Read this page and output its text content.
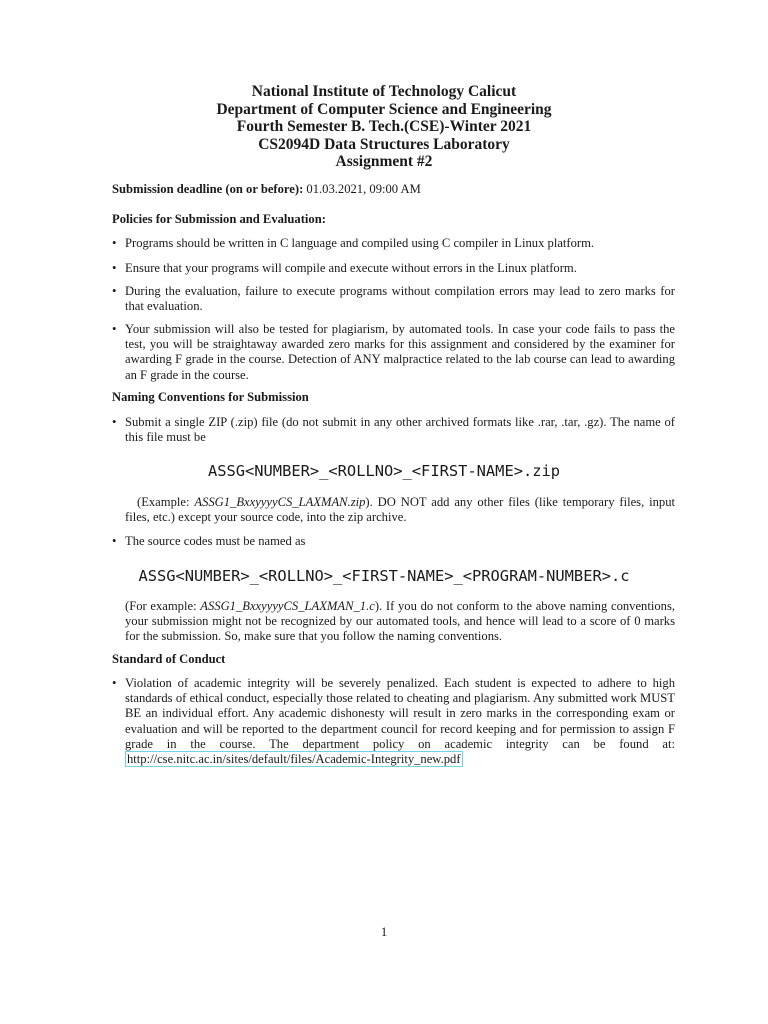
National Institute of Technology Calicut
Department of Computer Science and Engineering
Fourth Semester B. Tech.(CSE)-Winter 2021
CS2094D Data Structures Laboratory
Assignment #2
Submission deadline (on or before): 01.03.2021, 09:00 AM
Policies for Submission and Evaluation:
• Programs should be written in C language and compiled using C compiler in Linux platform.
• Ensure that your programs will compile and execute without errors in the Linux platform.
• During the evaluation, failure to execute programs without compilation errors may lead to zero marks for that evaluation.
• Your submission will also be tested for plagiarism, by automated tools. In case your code fails to pass the test, you will be straightaway awarded zero marks for this assignment and considered by the examiner for awarding F grade in the course. Detection of ANY malpractice related to the lab course can lead to awarding an F grade in the course.
Naming Conventions for Submission
• Submit a single ZIP (.zip) file (do not submit in any other archived formats like .rar, .tar, .gz). The name of this file must be
ASSG<NUMBER>_<ROLLNO>_<FIRST-NAME>.zip
(Example: ASSG1_BxxyyyyCS_LAXMAN.zip). DO NOT add any other files (like temporary files, input files, etc.) except your source code, into the zip archive.
• The source codes must be named as
ASSG<NUMBER>_<ROLLNO>_<FIRST-NAME>_<PROGRAM-NUMBER>.c
(For example: ASSG1_BxxyyyyCS_LAXMAN_1.c). If you do not conform to the above naming conventions, your submission might not be recognized by our automated tools, and hence will lead to a score of 0 marks for the submission. So, make sure that you follow the naming conventions.
Standard of Conduct
• Violation of academic integrity will be severely penalized. Each student is expected to adhere to high standards of ethical conduct, especially those related to cheating and plagiarism. Any submitted work MUST BE an individual effort. Any academic dishonesty will result in zero marks in the corresponding exam or evaluation and will be reported to the department council for record keeping and for permission to assign F grade in the course. The department policy on academic integrity can be found at: http://cse.nitc.ac.in/sites/default/files/Academic-Integrity_new.pdf
1
